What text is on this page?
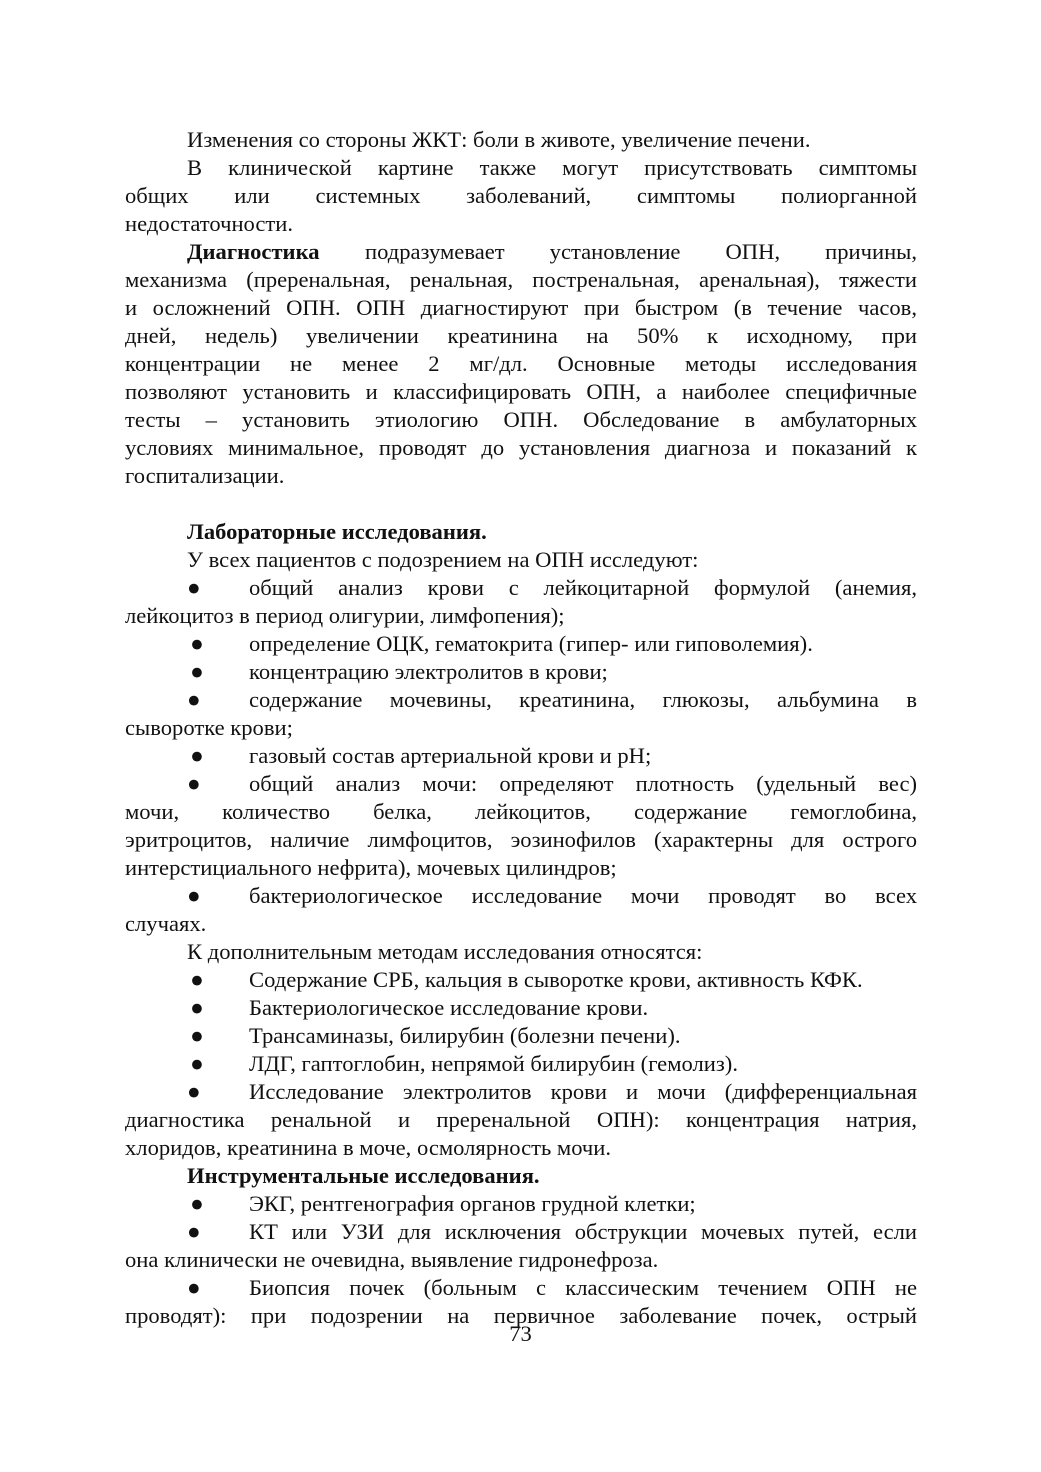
Изменения со стороны ЖКТ: боли в животе, увеличение печени.
В клинической картине также могут присутствовать симптомы
общих или системных заболеваний, симптомы полиорганной
недостаточности.
Диагностика подразумевает установление ОПН, причины,
механизма (преренальная, ренальная, постренальная, аренальная), тяжести
и осложнений ОПН. ОПН диагностируют при быстром (в течение часов,
дней, недель) увеличении креатинина на 50% к исходному, при
концентрации не менее 2 мг/дл. Основные методы исследования
позволяют установить и классифицировать ОПН, а наиболее специфичные
тесты – установить этиологию ОПН. Обследование в амбулаторных
условиях минимальное, проводят до установления диагноза и показаний к
госпитализации.
Лабораторные исследования.
У всех пациентов с подозрением на ОПН исследуют:
● общий анализ крови с лейкоцитарной формулой (анемия,
лейкоцитоз в период олигурии, лимфопения);
● определение ОЦК, гематокрита (гипер- или гиповолемия).
● концентрацию электролитов в крови;
● содержание мочевины, креатинина, глюкозы, альбумина в
сыворотке крови;
● газовый состав артериальной крови и pH;
● общий анализ мочи: определяют плотность (удельный вес)
мочи, количество белка, лейкоцитов, содержание гемоглобина,
эритроцитов, наличие лимфоцитов, эозинофилов (характерны для острого
интерстициального нефрита), мочевых цилиндров;
● бактериологическое исследование мочи проводят во всех
случаях.
К дополнительным методам исследования относятся:
● Содержание СРБ, кальция в сыворотке крови, активность КФК.
● Бактериологическое исследование крови.
● Трансаминазы, билирубин (болезни печени).
● ЛДГ, гаптоглобин, непрямой билирубин (гемолиз).
● Исследование электролитов крови и мочи (дифференциальная
диагностика ренальной и преренальной ОПН): концентрация натрия,
хлоридов, креатинина в моче, осмолярность мочи.
Инструментальные исследования.
● ЭКГ, рентгенография органов грудной клетки;
● КТ или УЗИ для исключения обструкции мочевых путей, если
она клинически не очевидна, выявление гидронефроза.
● Биопсия почек (больным с классическим течением ОПН не
проводят): при подозрении на первичное заболевание почек, острый
73
